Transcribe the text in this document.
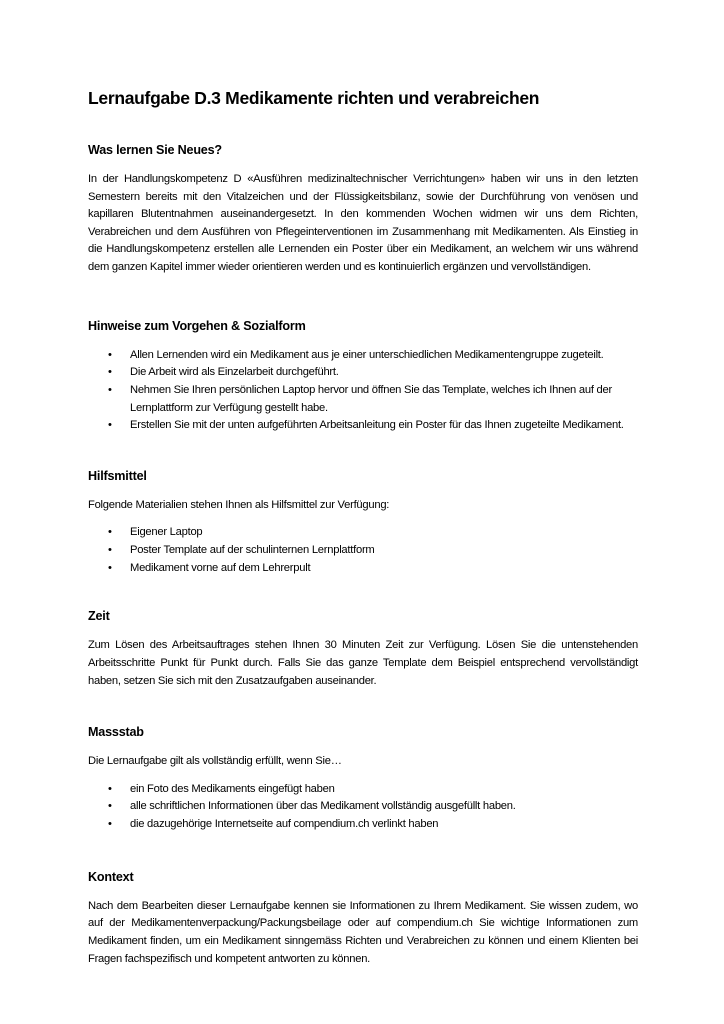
Lernaufgabe D.3 Medikamente richten und verabreichen
Was lernen Sie Neues?

In der Handlungskompetenz D «Ausführen medizinaltechnischer Verrichtungen» haben wir uns in den letzten Semestern bereits mit den Vitalzeichen und der Flüssigkeitsbilanz, sowie der Durchführung von venösen und kapillaren Blutentnahmen auseinandergesetzt. In den kommenden Wochen widmen wir uns dem Richten, Verabreichen und dem Ausführen von Pflegeinterventionen im Zusammenhang mit Medikamenten. Als Einstieg in die Handlungskompetenz erstellen alle Lernenden ein Poster über ein Medikament, an welchem wir uns während dem ganzen Kapitel immer wieder orientieren werden und es kontinuierlich ergänzen und vervollständigen.

Hinweise zum Vorgehen & Sozialform
• Allen Lernenden wird ein Medikament aus je einer unterschiedlichen Medikamentengruppe zugeteilt.
• Die Arbeit wird als Einzelarbeit durchgeführt.
• Nehmen Sie Ihren persönlichen Laptop hervor und öffnen Sie das Template, welches ich Ihnen auf der Lernplattform zur Verfügung gestellt habe.
• Erstellen Sie mit der unten aufgeführten Arbeitsanleitung ein Poster für das Ihnen zugeteilte Medikament.
Hilfsmittel

Folgende Materialien stehen Ihnen als Hilfsmittel zur Verfügung:

• Eigener Laptop
• Poster Template auf der schulinternen Lernplattform
• Medikament vorne auf dem Lehrerpult
Zeit

Zum Lösen des Arbeitsauftrages stehen Ihnen 30 Minuten Zeit zur Verfügung. Lösen Sie die untenstehenden Arbeitsschritte Punkt für Punkt durch. Falls Sie das ganze Template dem Beispiel entsprechend vervollständigt haben, setzen Sie sich mit den Zusatzaufgaben auseinander.

Massstab

Die Lernaufgabe gilt als vollständig erfüllt, wenn Sie…

• ein Foto des Medikaments eingefügt haben
• alle schriftlichen Informationen über das Medikament vollständig ausgefüllt haben.
• die dazugehörige Internetseite auf compendium.ch verlinkt haben
Kontext

Nach dem Bearbeiten dieser Lernaufgabe kennen sie Informationen zu Ihrem Medikament. Sie wissen zudem, wo auf der Medikamentenverpackung/Packungsbeilage oder auf compendium.ch Sie wichtige Informationen zum Medikament finden, um ein Medikament sinngemäss Richten und Verabreichen zu können und einem Klienten bei Fragen fachspezifisch und kompetent antworten zu können.
